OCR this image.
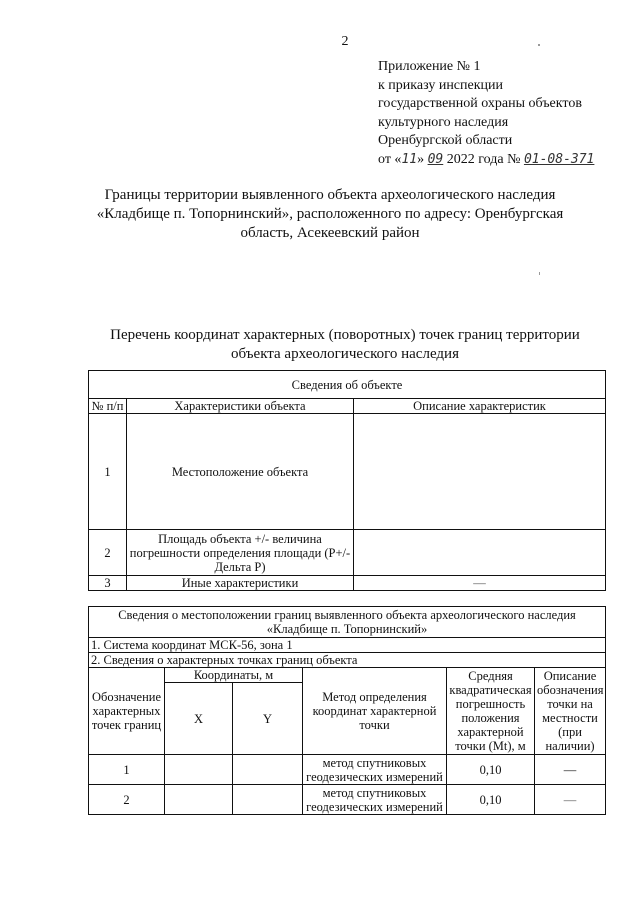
2
Приложение № 1
к приказу инспекции
государственной охраны объектов
культурного наследия
Оренбургской области
от «11» 09 2022 года № 01-08-371
Границы территории выявленного объекта археологического наследия
«Кладбище п. Топорнинский», расположенного по адресу: Оренбургская
область, Асекеевский район
Перечень координат характерных (поворотных) точек границ территории
объекта археологического наследия
Сведения об объекте		
№ п/п	Характеристики объекта	Описание характеристик
1	Местоположение объекта	
2	Площадь объекта +/- величина погрешности определения площади (P+/- Дельта P)	
3	Иные характеристики	—
Сведения о местоположении границ выявленного объекта археологического наследия «Кладбище п. Топорнинский»					
1. Система координат МСК-56, зона 1					
2. Сведения о характерных точках границ объекта					
Обозначение характерных точек границ	Координаты, м		Метод определения координат характерной точки	Средняя квадратическая погрешность положения характерной точки (Mt), м	Описание обозначения точки на местности (при наличии)
	X	Y			
1			метод спутниковых геодезических измерений	0,10	—
2			метод спутниковых геодезических измерений	0,10	—
